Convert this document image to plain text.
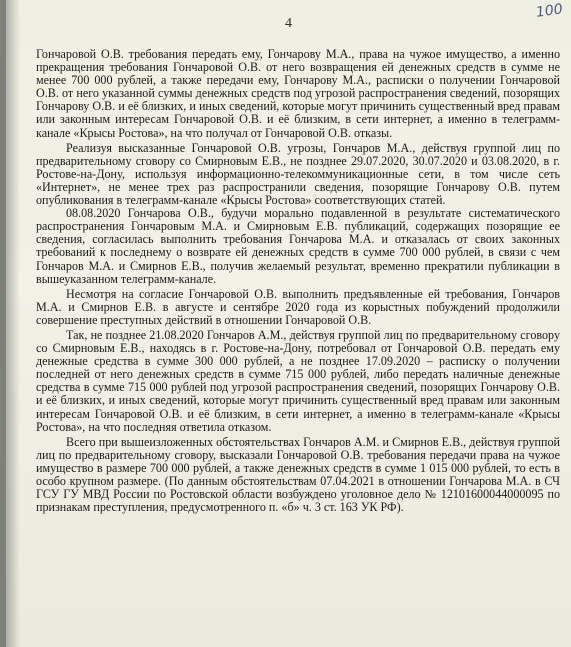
4
100

Гончаровой О.В. требования передать ему, Гончарову М.А., права на чужое имущество, а именно прекращения требования Гончаровой О.В. от него возвращения ей денежных средств в сумме не менее 700 000 рублей, а также передачи ему, Гончарову М.А., расписки о получении Гончаровой О.В. от него указанной суммы денежных средств под угрозой распространения сведений, позорящих Гончарову О.В. и её близких, и иных сведений, которые могут причинить существенный вред правам или законным интересам Гончаровой О.В. и её близким, в сети интернет, а именно в телеграмм-канале «Крысы Ростова», на что получал от Гончаровой О.В. отказы.

Реализуя высказанные Гончаровой О.В. угрозы, Гончаров М.А., действуя группой лиц по предварительному сговору со Смирновым Е.В., не позднее 29.07.2020, 30.07.2020 и 03.08.2020, в г. Ростове-на-Дону, используя информационно-телекоммуникационные сети, в том числе сеть «Интернет», не менее трех раз распространили сведения, позорящие Гончарову О.В. путем опубликования в телеграмм-канале «Крысы Ростова» соответствующих статей.

08.08.2020 Гончарова О.В., будучи морально подавленной в результате систематического распространения Гончаровым М.А. и Смирновым Е.В. публикаций, содержащих позорящие ее сведения, согласилась выполнить требования Гончарова М.А. и отказалась от своих законных требований к последнему о возврате ей денежных средств в сумме 700 000 рублей, в связи с чем Гончаров М.А. и Смирнов Е.В., получив желаемый результат, временно прекратили публикации в вышеуказанном телеграмм-канале.

Несмотря на согласие Гончаровой О.В. выполнить предъявленные ей требования, Гончаров М.А. и Смирнов Е.В. в августе и сентябре 2020 года из корыстных побуждений продолжили совершение преступных действий в отношении Гончаровой О.В.

Так, не позднее 21.08.2020 Гончаров А.М., действуя группой лиц по предварительному сговору со Смирновым Е.В., находясь в г. Ростове-на-Дону, потребовал от Гончаровой О.В. передать ему денежные средства в сумме 300 000 рублей, а не позднее 17.09.2020 – расписку о получении последней от него денежных средств в сумме 715 000 рублей, либо передать наличные денежные средства в сумме 715 000 рублей под угрозой распространения сведений, позорящих Гончарову О.В. и её близких, и иных сведений, которые могут причинить существенный вред правам или законным интересам Гончаровой О.В. и её близким, в сети интернет, а именно в телеграмм-канале «Крысы Ростова», на что последняя ответила отказом.

Всего при вышеизложенных обстоятельствах Гончаров А.М. и Смирнов Е.В., действуя группой лиц по предварительному сговору, высказали Гончаровой О.В. требования передачи права на чужое имущество в размере 700 000 рублей, а также денежных средств в сумме 1 015 000 рублей, то есть в особо крупном размере. (По данным обстоятельствам 07.04.2021 в отношении Гончарова М.А. в СЧ ГСУ ГУ МВД России по Ростовской области возбуждено уголовное дело № 12101600044000095 по признакам преступления, предусмотренного п. «б» ч. 3 ст. 163 УК РФ).
